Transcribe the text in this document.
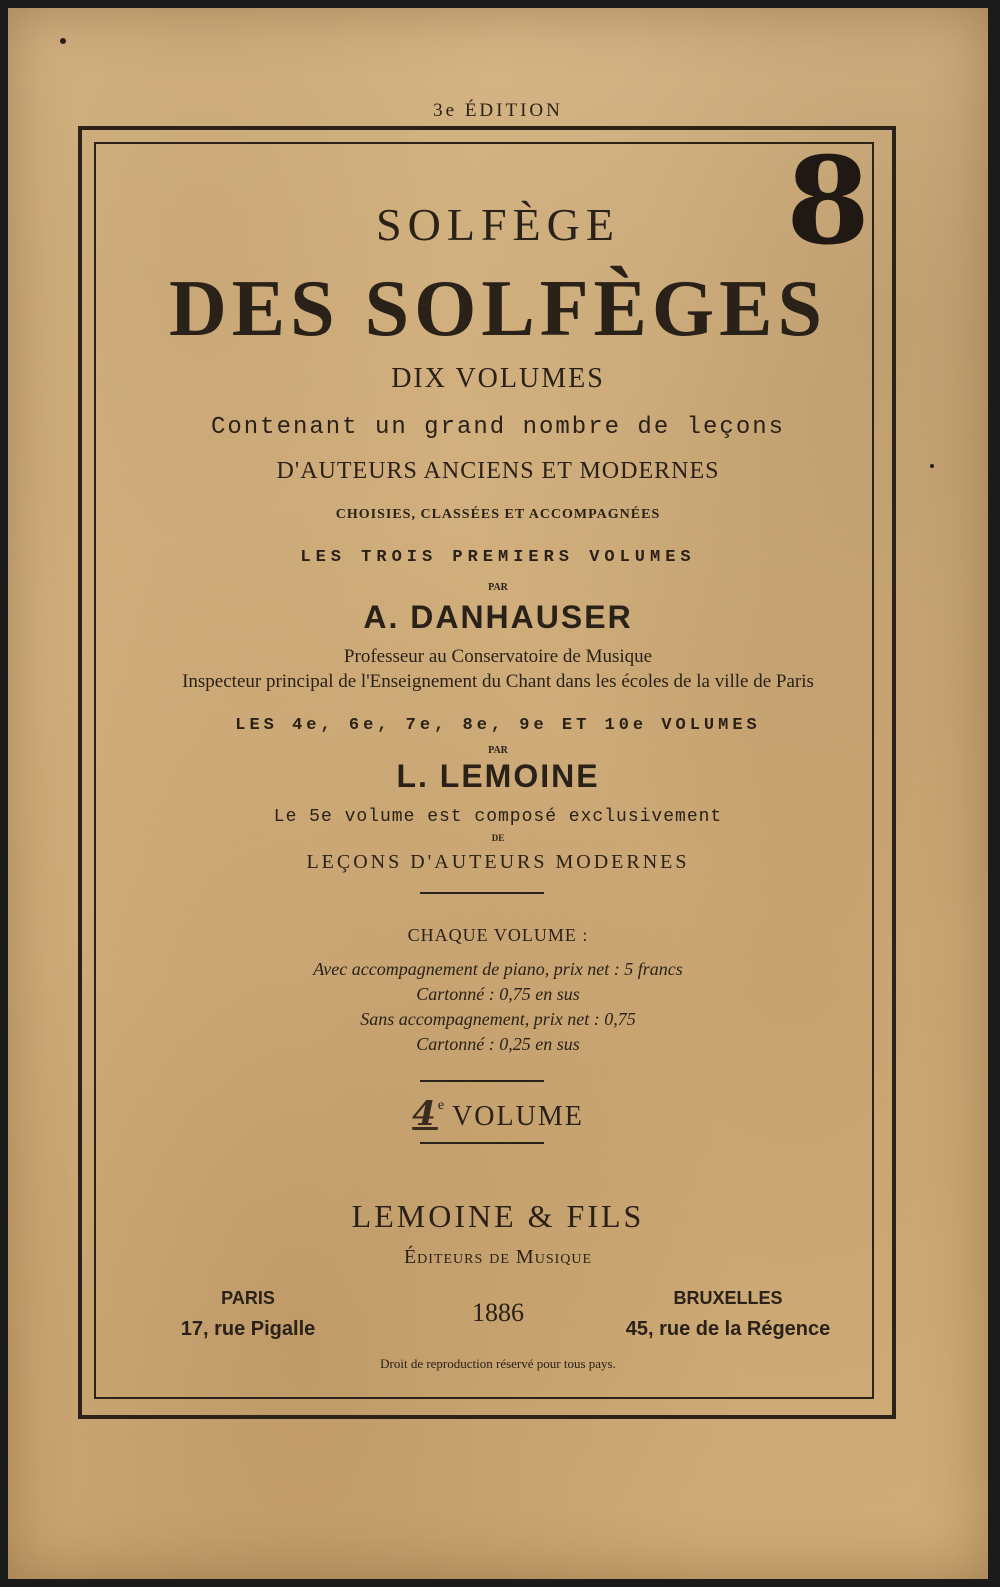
3e ÉDITION
8
SOLFÈGE
DES SOLFÈGES
DIX VOLUMES
Contenant un grand nombre de leçons
D'AUTEURS ANCIENS ET MODERNES
CHOISIES, CLASSÉES ET ACCOMPAGNÉES
LES TROIS PREMIERS VOLUMES
PAR
A. DANHAUSER
Professeur au Conservatoire de Musique
Inspecteur principal de l'Enseignement du Chant dans les écoles de la ville de Paris
LES 4e, 6e, 7e, 8e, 9e ET 10e VOLUMES
PAR
L. LEMOINE
Le 5e volume est composé exclusivement
DE
LEÇONS D'AUTEURS MODERNES
CHAQUE VOLUME :
Avec accompagnement de piano, prix net : 5 francs
Cartonné : 0,75 en sus
Sans accompagnement, prix net : 0,75
Cartonné : 0,25 en sus
4e VOLUME
LEMOINE & FILS
Éditeurs de Musique
PARIS
17, rue Pigalle
1886	BRUXELLES
45, rue de la Régence
Droit de reproduction réservé pour tous pays.
